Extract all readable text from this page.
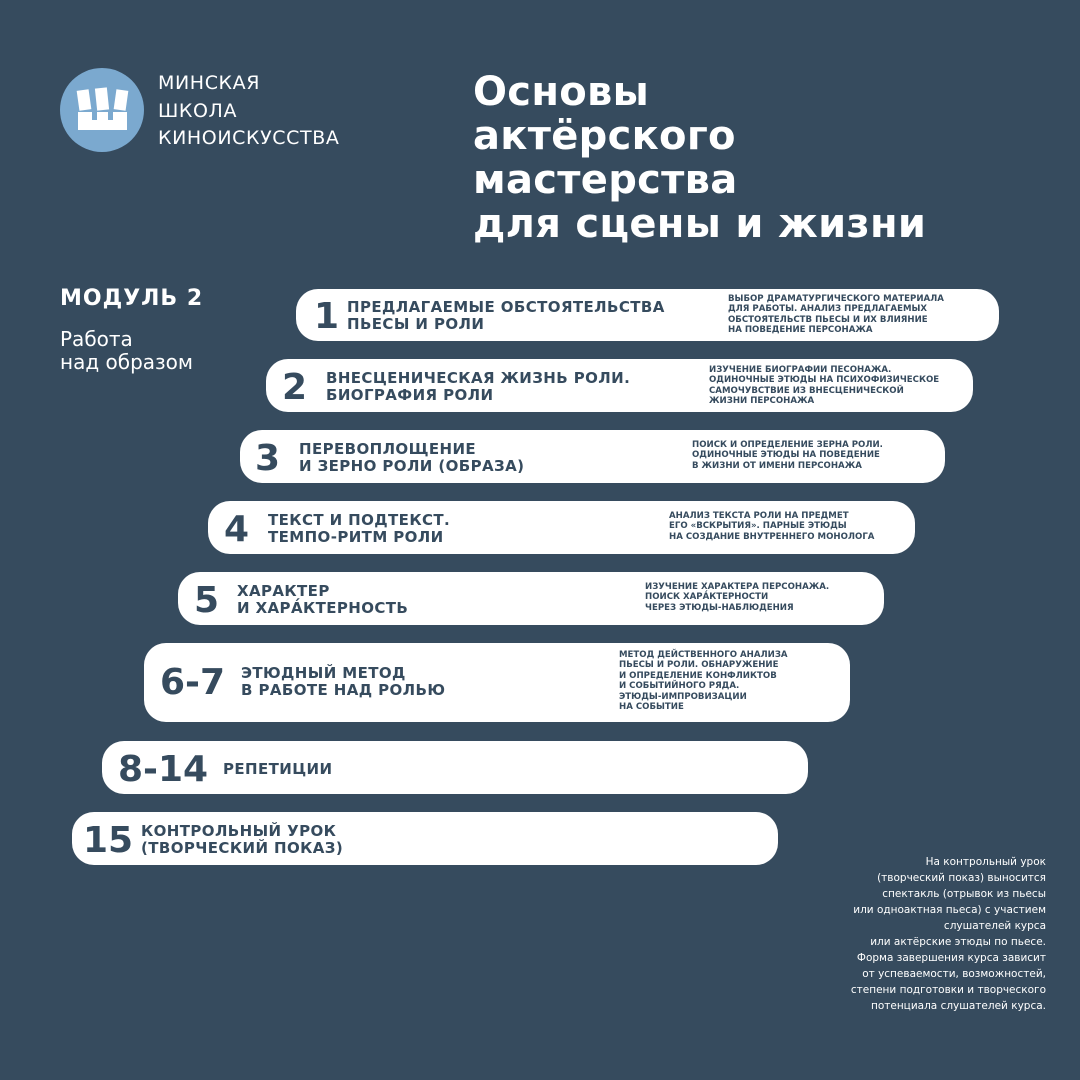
МИНСКАЯ
ШКОЛА
КИНОИСКУССТВА
Основы
актёрского
мастерства
для сцены и жизни
МОДУЛЬ 2
Работа
над образом
1 ПРЕДЛАГАЕМЫЕ ОБСТОЯТЕЛЬСТВА
ПЬЕСЫ И РОЛИ
ВЫБОР ДРАМАТУРГИЧЕСКОГО МАТЕРИАЛА
ДЛЯ РАБОТЫ. АНАЛИЗ ПРЕДЛАГАЕМЫХ
ОБСТОЯТЕЛЬСТВ ПЬЕСЫ И ИХ ВЛИЯНИЕ
НА ПОВЕДЕНИЕ ПЕРСОНАЖА
2 ВНЕСЦЕНИЧЕСКАЯ ЖИЗНЬ РОЛИ.
БИОГРАФИЯ РОЛИ
ИЗУЧЕНИЕ БИОГРАФИИ ПЕСОНАЖА.
ОДИНОЧНЫЕ ЭТЮДЫ НА ПСИХОФИЗИЧЕСКОЕ
САМОЧУВСТВИЕ ИЗ ВНЕСЦЕНИЧЕСКОЙ
ЖИЗНИ ПЕРСОНАЖА
3 ПЕРЕВОПЛОЩЕНИЕ
И ЗЕРНО РОЛИ (ОБРАЗА)
ПОИСК И ОПРЕДЕЛЕНИЕ ЗЕРНА РОЛИ.
ОДИНОЧНЫЕ ЭТЮДЫ НА ПОВЕДЕНИЕ
В ЖИЗНИ ОТ ИМЕНИ ПЕРСОНАЖА
4 ТЕКСТ И ПОДТЕКСТ.
ТЕМПО-РИТМ РОЛИ
АНАЛИЗ ТЕКСТА РОЛИ НА ПРЕДМЕТ
ЕГО «ВСКРЫТИЯ». ПАРНЫЕ ЭТЮДЫ
НА СОЗДАНИЕ ВНУТРЕННЕГО МОНОЛОГА
5 ХАРАКТЕР
И ХАРА́КТЕРНОСТЬ
ИЗУЧЕНИЕ ХАРАКТЕРА ПЕРСОНАЖА.
ПОИСК ХАРА́КТЕРНОСТИ
ЧЕРЕЗ ЭТЮДЫ-НАБЛЮДЕНИЯ
6-7 ЭТЮДНЫЙ МЕТОД
В РАБОТЕ НАД РОЛЬЮ
МЕТОД ДЕЙСТВЕННОГО АНАЛИЗА
ПЬЕСЫ И РОЛИ. ОБНАРУЖЕНИЕ
И ОПРЕДЕЛЕНИЕ КОНФЛИКТОВ
И СОБЫТИЙНОГО РЯДА.
ЭТЮДЫ-ИМПРОВИЗАЦИИ
НА СОБЫТИЕ
8-14 РЕПЕТИЦИИ
15 КОНТРОЛЬНЫЙ УРОК
(ТВОРЧЕСКИЙ ПОКАЗ)
На контрольный урок
(творческий показ) выносится
спектакль (отрывок из пьесы
или одноактная пьеса) с участием
слушателей курса
или актёрские этюды по пьесе.
Форма завершения курса зависит
от успеваемости, возможностей,
степени подготовки и творческого
потенциала слушателей курса.
